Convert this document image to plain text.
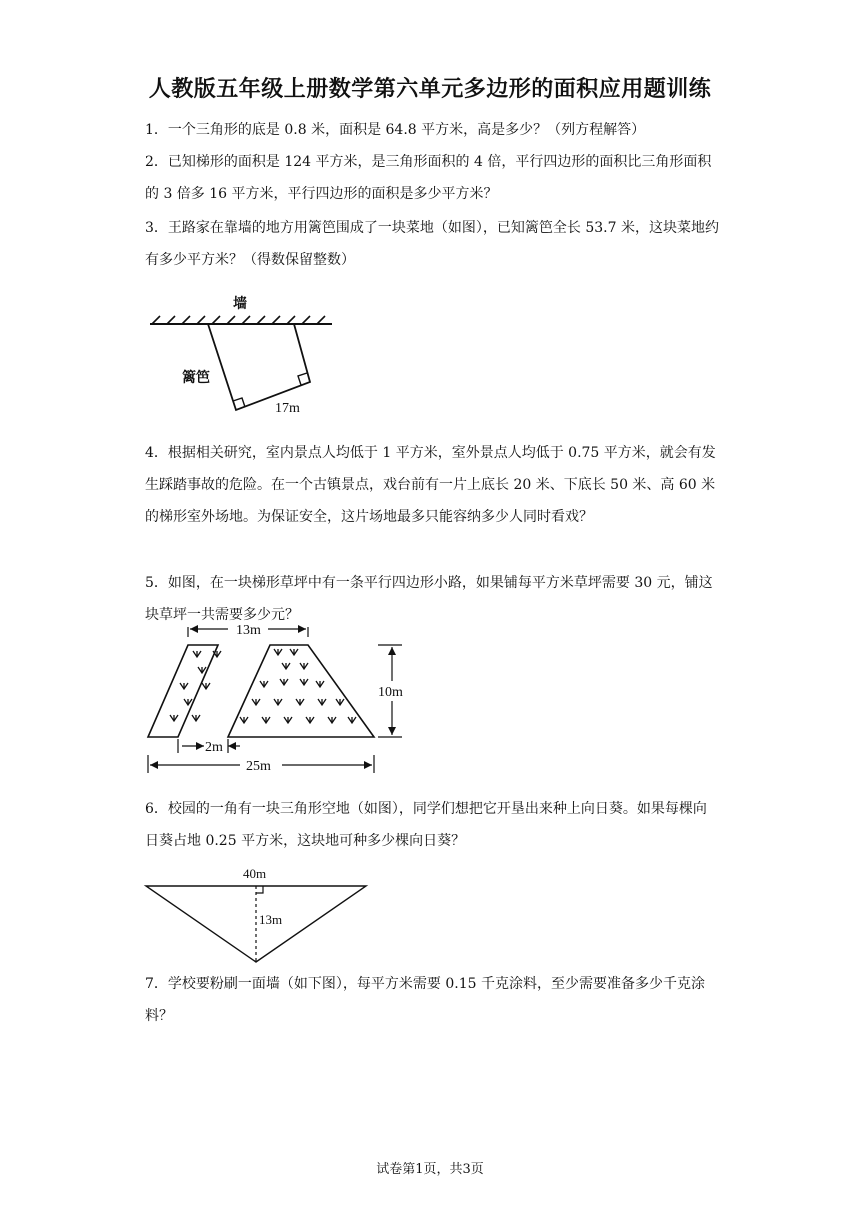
人教版五年级上册数学第六单元多边形的面积应用题训练
1．一个三角形的底是 0.8 米，面积是 64.8 平方米，高是多少？（列方程解答）
2．已知梯形的面积是 124 平方米，是三角形面积的 4 倍，平行四边形的面积比三角形面积的 3 倍多 16 平方米，平行四边形的面积是多少平方米？
3．王路家在靠墙的地方用篱笆围成了一块菜地（如图），已知篱笆全长 53.7 米，这块菜地约有多少平方米？（得数保留整数）
墙
篱笆
17m
4．根据相关研究，室内景点人均低于 1 平方米，室外景点人均低于 0.75 平方米，就会有发生踩踏事故的危险。在一个古镇景点，戏台前有一片上底长 20 米、下底长 50 米、高 60 米的梯形室外场地。为保证安全，这片场地最多只能容纳多少人同时看戏？
5．如图，在一块梯形草坪中有一条平行四边形小路，如果铺每平方米草坪需要 30 元，铺这块草坪一共需要多少元？
13m
10m
2m
25m
6．校园的一角有一块三角形空地（如图），同学们想把它开垦出来种上向日葵。如果每棵向日葵占地 0.25 平方米，这块地可种多少棵向日葵？
40m
13m
7．学校要粉刷一面墙（如下图），每平方米需要 0.15 千克涂料，至少需要准备多少千克涂料？
试卷第1页，共3页
